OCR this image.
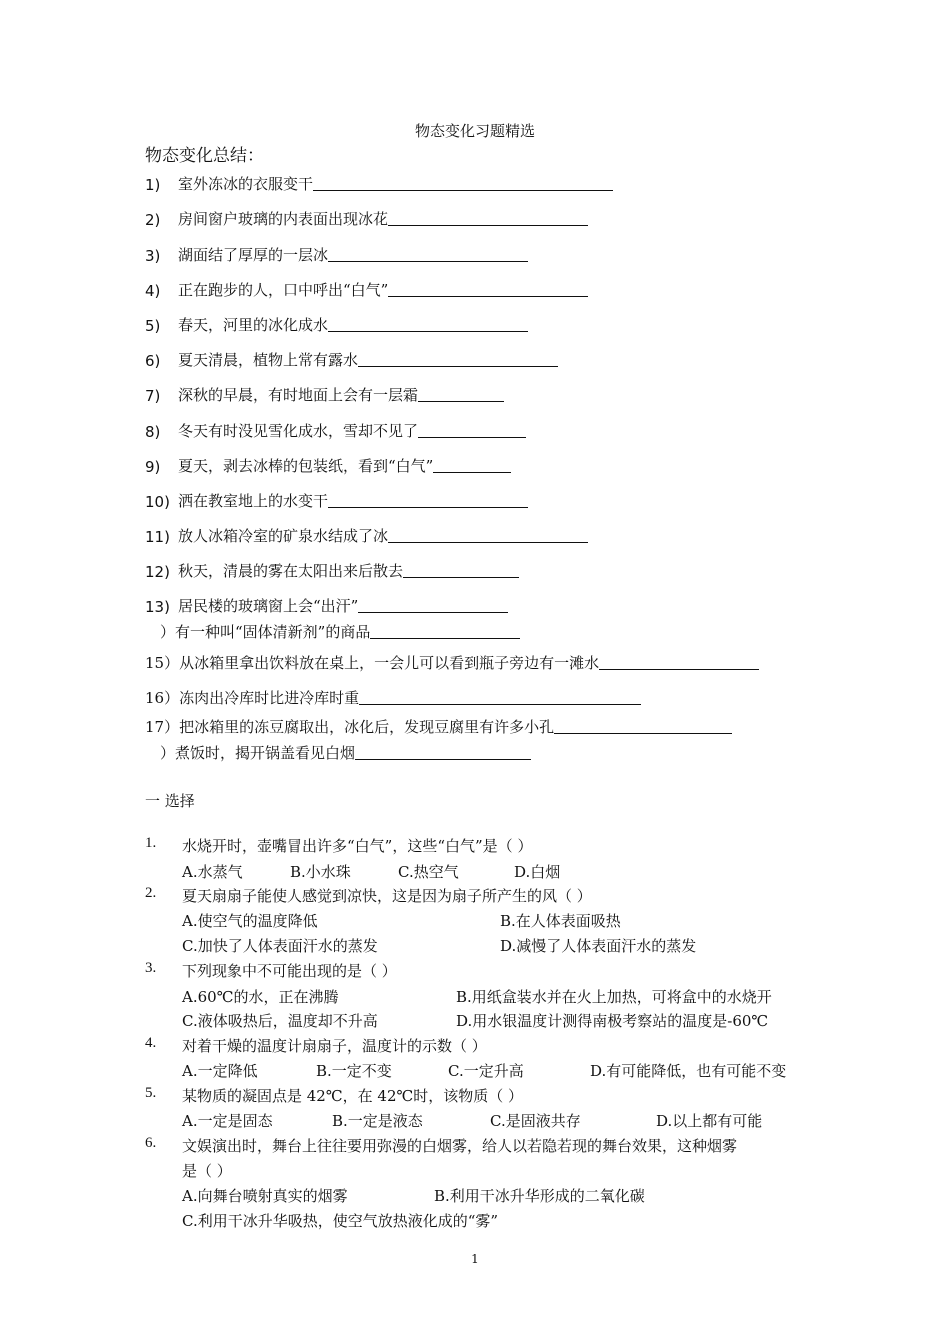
物态变化习题精选
物态变化总结：
1)	室外冻冰的衣服变干
2)	房间窗户玻璃的内表面出现冰花
3)	湖面结了厚厚的一层冰
4)	正在跑步的人，口中呼出“白气”
5)	春天，河里的冰化成水
6)	夏天清晨，植物上常有露水
7)	深秋的早晨，有时地面上会有一层霜
8)	冬天有时没见雪化成水，雪却不见了
9)	夏天，剥去冰棒的包装纸，看到“白气”
10) 洒在教室地上的水变干
11) 放人冰箱冷室的矿泉水结成了冰
12) 秋天，清晨的雾在太阳出来后散去
13) 居民楼的玻璃窗上会“出汗”
）有一种叫“固体清新剂”的商品
15）从冰箱里拿出饮料放在桌上，一会儿可以看到瓶子旁边有一滩水
16）冻肉出冷库时比进冷库时重
17）把冰箱里的冻豆腐取出，冰化后，发现豆腐里有许多小孔
）煮饭时，揭开锅盖看见白烟
一 选择
1. 水烧开时，壶嘴冒出许多“白气”，这些“白气”是（ ）
A.水蒸气	B.小水珠	C.热空气	D.白烟
2. 夏天扇扇子能使人感觉到凉快，这是因为扇子所产生的风（ ）
A.使空气的温度降低	B.在人体表面吸热
C.加快了人体表面汗水的蒸发	D.减慢了人体表面汗水的蒸发
3. 下列现象中不可能出现的是（ ）
A.60℃的水，正在沸腾	B.用纸盒装水并在火上加热，可将盒中的水烧开
C.液体吸热后，温度却不升高	D.用水银温度计测得南极考察站的温度是-60℃
4. 对着干燥的温度计扇扇子，温度计的示数（ ）
A.一定降低	B.一定不变	C.一定升高	D.有可能降低，也有可能不变
5. 某物质的凝固点是 42℃，在 42℃时，该物质（ ）
A.一定是固态	B.一定是液态	C.是固液共存	D.以上都有可能
6. 文娱演出时，舞台上往往要用弥漫的白烟雾，给人以若隐若现的舞台效果，这种烟雾
是（ ）
A.向舞台喷射真实的烟雾	B.利用干冰升华形成的二氧化碳
C.利用干冰升华吸热，使空气放热液化成的“雾”
1
